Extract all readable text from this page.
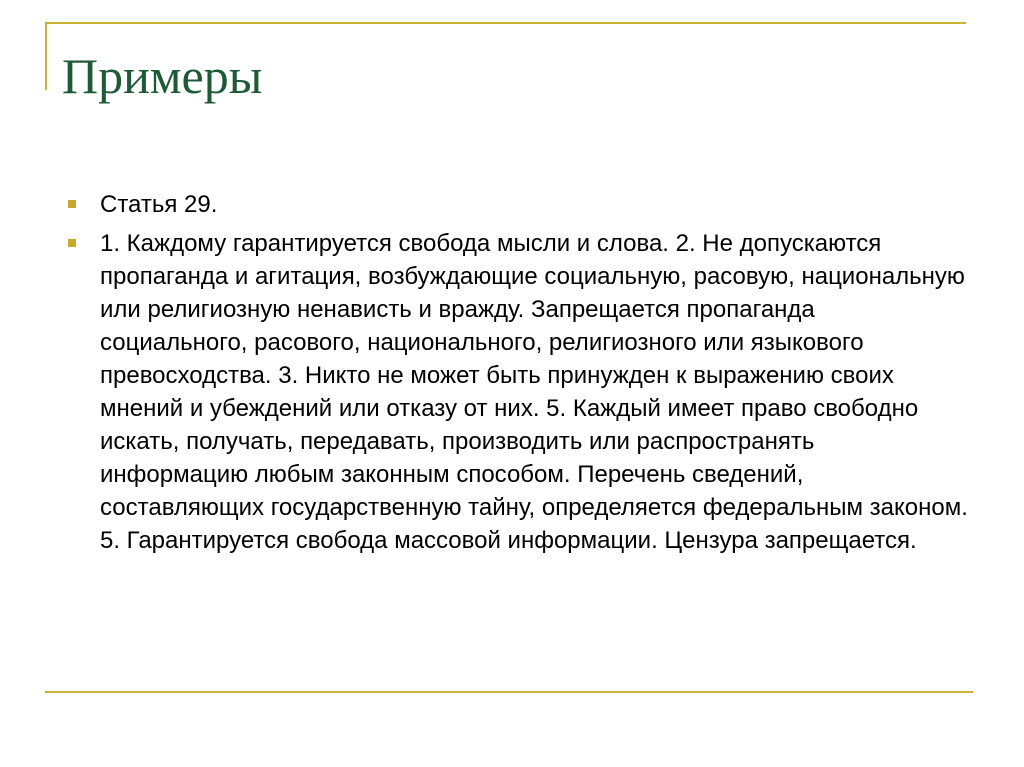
Примеры
Статья 29.
1. Каждому гарантируется свобода мысли и слова. 2. Не допускаются пропаганда и агитация, возбуждающие социальную, расовую, национальную или религиозную ненависть и вражду. Запрещается пропаганда социального, расового, национального, религиозного или языкового превосходства. 3. Никто не может быть принужден к выражению своих мнений и убеждений или отказу от них. 5. Каждый имеет право свободно искать, получать, передавать, производить или распространять информацию любым законным способом. Перечень сведений, составляющих государственную тайну, определяется федеральным законом. 5. Гарантируется свобода массовой информации. Цензура запрещается.
